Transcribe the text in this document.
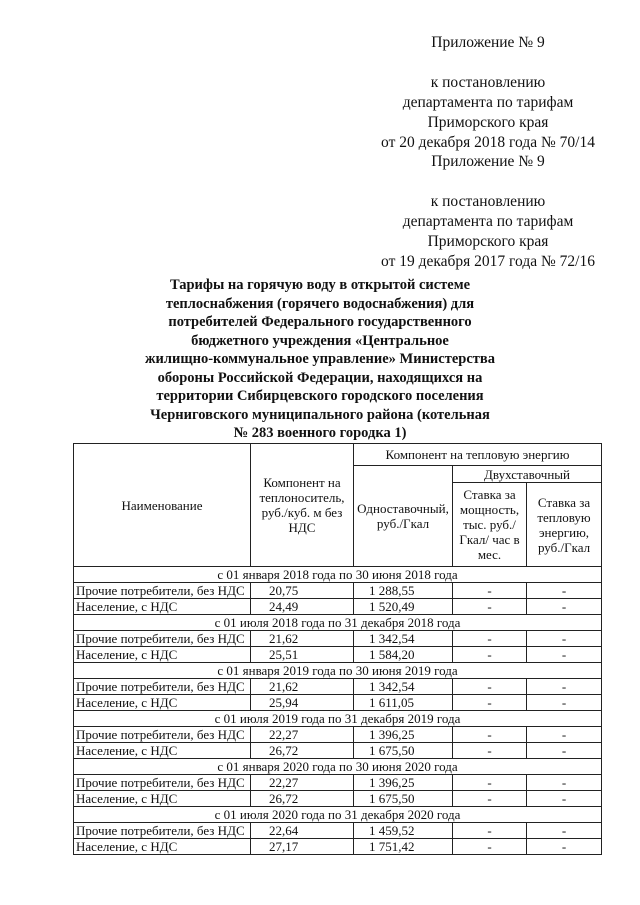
Приложение № 9
к постановлению
департамента по тарифам
Приморского края
от 20 декабря 2018 года № 70/14
Приложение № 9
к постановлению
департамента по тарифам
Приморского края
от 19 декабря 2017 года № 72/16
Тарифы на горячую воду в открытой системе
теплоснабжения (горячего водоснабжения) для
потребителей Федерального государственного
бюджетного учреждения «Центральное
жилищно-коммунальное управление» Министерства
обороны Российской Федерации, находящихся на
территории Сибирцевского городского поселения
Черниговского муниципального района (котельная
№ 283 военного городка 1)
Наименование	Компонент на теплоноситель, руб./куб. м без НДС	Компонент на тепловую энергию		
		Одноставочный, руб./Гкал	Двухставочный	
			Ставка за мощность, тыс. руб./Гкал/ час в мес.	Ставка за тепловую энергию, руб./Гкал
с 01 января 2018 года по 30 июня 2018 года				
Прочие потребители, без НДС	20,75	1 288,55	-	-
Население, с НДС	24,49	1 520,49	-	-
с 01 июля 2018 года по 31 декабря 2018 года				
Прочие потребители, без НДС	21,62	1 342,54	-	-
Население, с НДС	25,51	1 584,20	-	-
с 01 января 2019 года по 30 июня 2019 года				
Прочие потребители, без НДС	21,62	1 342,54	-	-
Население, с НДС	25,94	1 611,05	-	-
с 01 июля 2019 года по 31 декабря 2019 года				
Прочие потребители, без НДС	22,27	1 396,25	-	-
Население, с НДС	26,72	1 675,50	-	-
с 01 января 2020 года по 30 июня 2020 года				
Прочие потребители, без НДС	22,27	1 396,25	-	-
Население, с НДС	26,72	1 675,50	-	-
с 01 июля 2020 года по 31 декабря 2020 года				
Прочие потребители, без НДС	22,64	1 459,52	-	-
Население, с НДС	27,17	1 751,42	-	-
